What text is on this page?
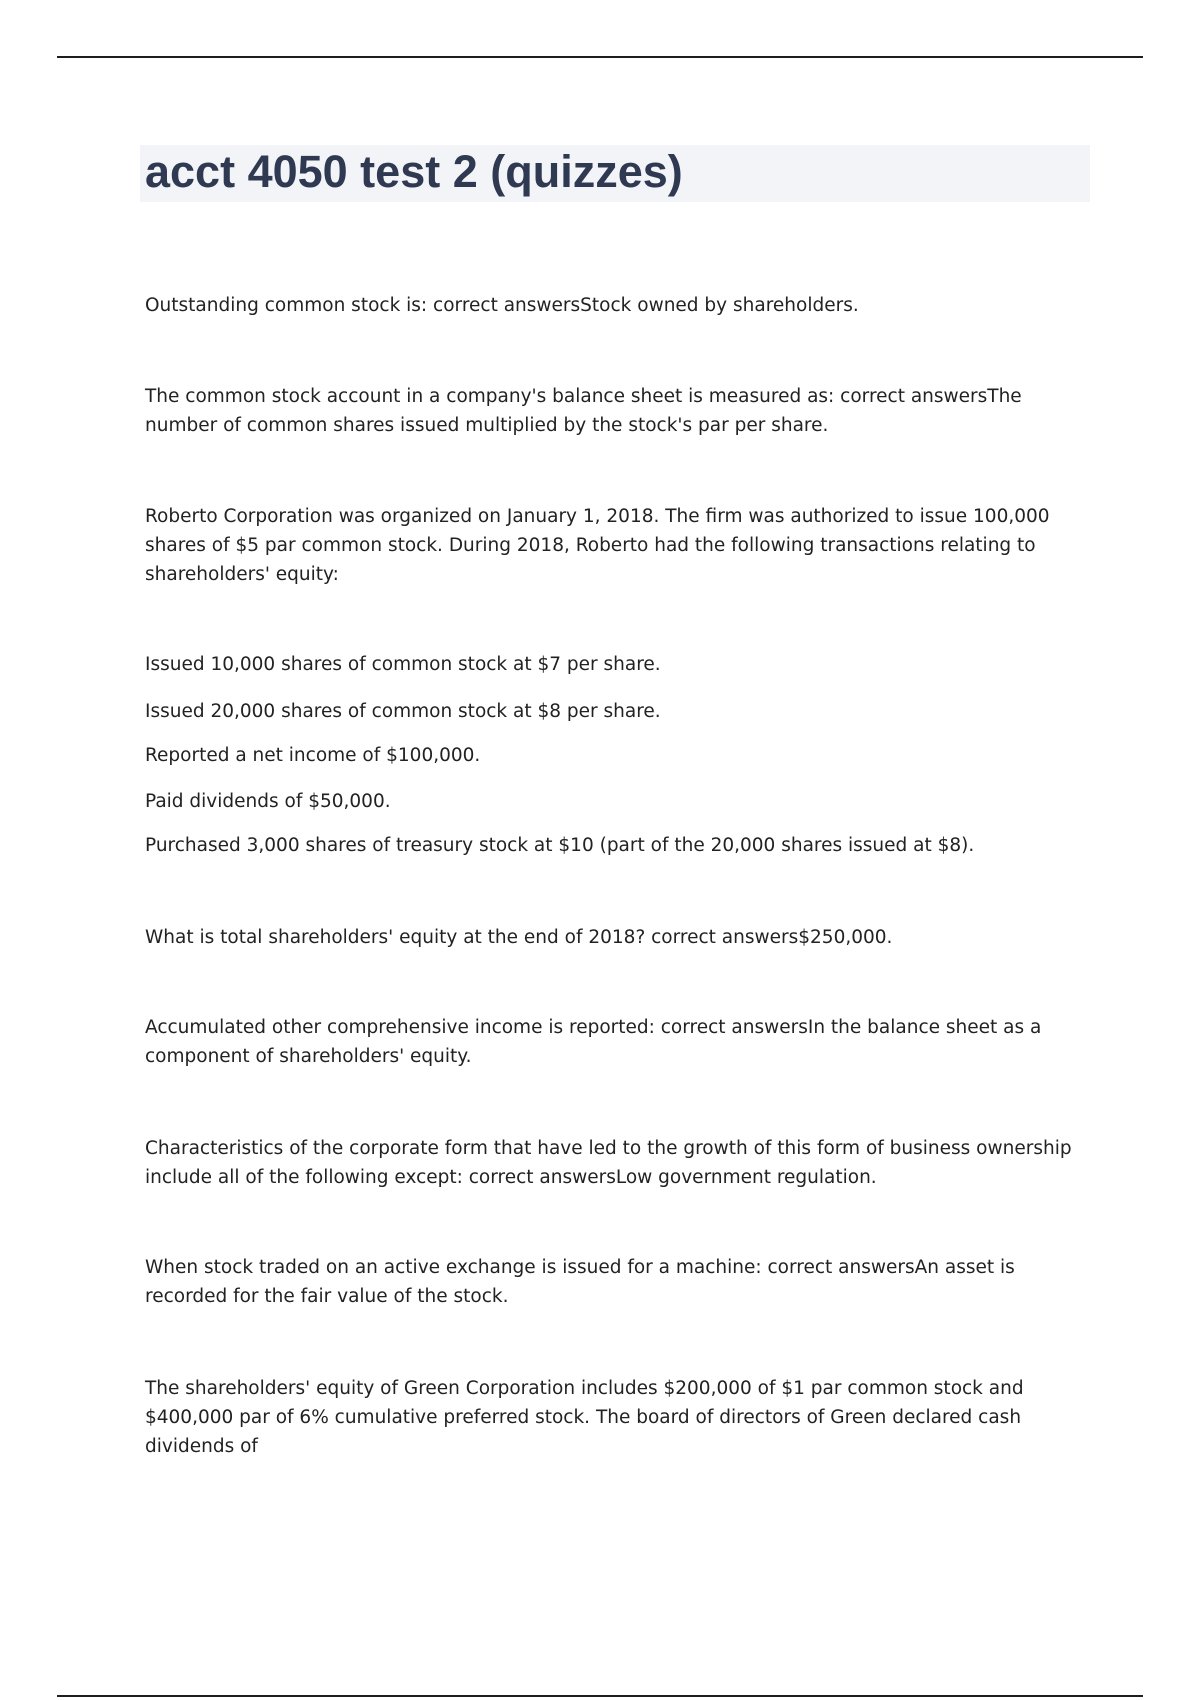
acct 4050 test 2 (quizzes)

Outstanding common stock is: correct answersStock owned by shareholders.

The common stock account in a company's balance sheet is measured as: correct answersThe number of common shares issued multiplied by the stock's par per share.

Roberto Corporation was organized on January 1, 2018. The firm was authorized to issue 100,000 shares of $5 par common stock. During 2018, Roberto had the following transactions relating to shareholders' equity:

Issued 10,000 shares of common stock at $7 per share.

Issued 20,000 shares of common stock at $8 per share.

Reported a net income of $100,000.

Paid dividends of $50,000.

Purchased 3,000 shares of treasury stock at $10 (part of the 20,000 shares issued at $8).

What is total shareholders' equity at the end of 2018? correct answers$250,000.

Accumulated other comprehensive income is reported: correct answersIn the balance sheet as a component of shareholders' equity.

Characteristics of the corporate form that have led to the growth of this form of business ownership include all of the following except: correct answersLow government regulation.

When stock traded on an active exchange is issued for a machine: correct answersAn asset is recorded for the fair value of the stock.

The shareholders' equity of Green Corporation includes $200,000 of $1 par common stock and $400,000 par of 6% cumulative preferred stock. The board of directors of Green declared cash dividends of
